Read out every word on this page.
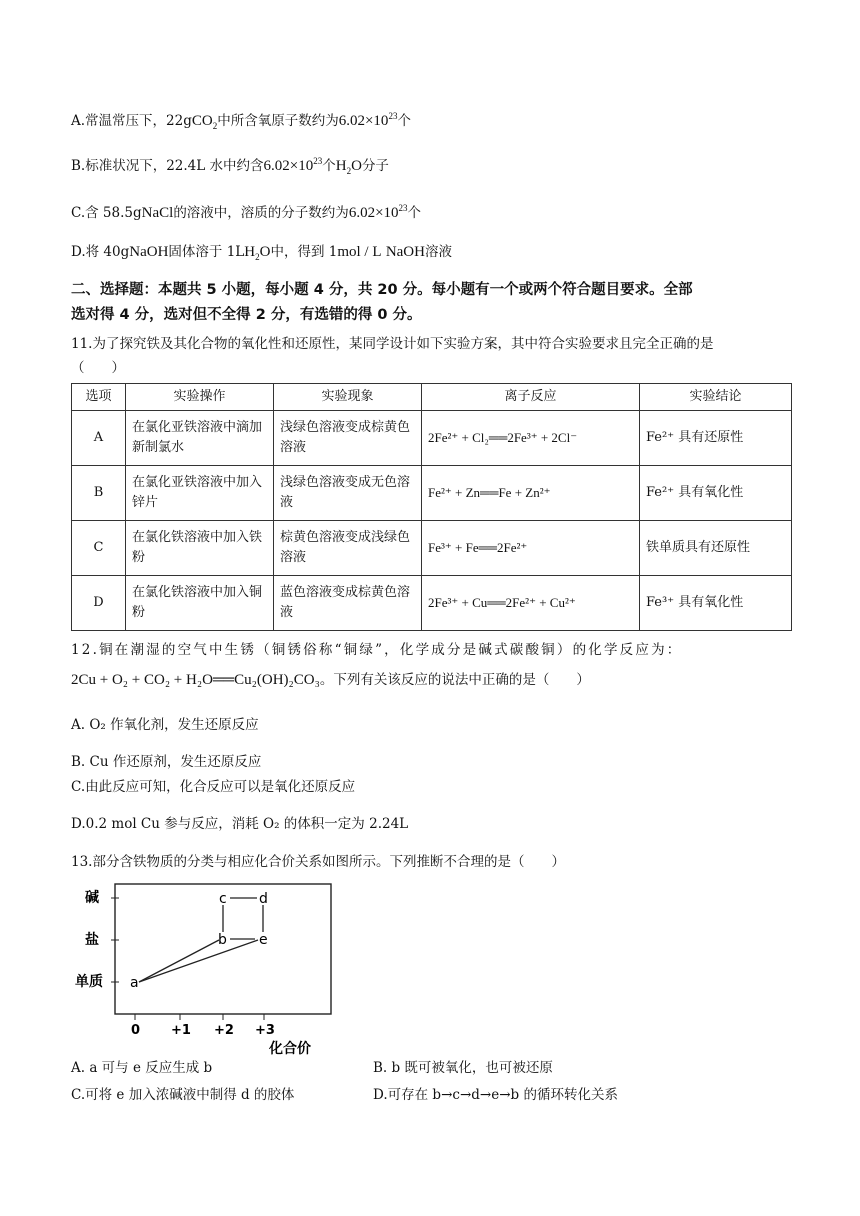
A.常温常压下，22gCO$_2$中所含氧原子数约为$6.02\times 10^{23}$个
B.标准状况下，22.4L 水中约含$6.02\times 10^{23}$个$H_2O$分子
C.含 58.5gNaCl的溶液中，溶质的分子数约为$6.02\times 10^{23}$个
D.将 40gNaOH固体溶于 $1LH_2O$中，得到 1mol / L NaOH溶液
二、选择题：本题共 5 小题，每小题 4 分，共 20 分。每小题有一个或两个符合题目要求。全部
选对得 4 分，选对但不全得 2 分，有选错的得 0 分。
11.为了探究铁及其化合物的氧化性和还原性，某同学设计如下实验方案，其中符合实验要求且完全正确的是
（　　）
选项	实验操作	实验现象	离子反应	实验结论
A	在氯化亚铁溶液中滴加新制氯水	浅绿色溶液变成棕黄色溶液	2Fe²⁺ + Cl₂══2Fe³⁺ + 2Cl⁻	Fe²⁺ 具有还原性
B	在氯化亚铁溶液中加入锌片	浅绿色溶液变成无色溶液	Fe²⁺ + Zn══Fe + Zn²⁺	Fe²⁺ 具有氧化性
C	在氯化铁溶液中加入铁粉	棕黄色溶液变成浅绿色溶液	Fe³⁺ + Fe══2Fe²⁺	铁单质具有还原性
D	在氯化铁溶液中加入铜粉	蓝色溶液变成棕黄色溶液	2Fe³⁺ + Cu══2Fe²⁺ + Cu²⁺	Fe³⁺ 具有氧化性
12.铜在潮湿的空气中生锈（铜锈俗称“铜绿”，化学成分是碱式碳酸铜）的化学反应为：
2Cu + O₂ + CO₂ + H₂O══Cu₂(OH)₂CO₃。下列有关该反应的说法中正确的是（　　）
A. O₂ 作氧化剂，发生还原反应
B. Cu 作还原剂，发生还原反应
C.由此反应可知，化合反应可以是氧化还原反应
D.0.2 mol Cu 参与反应，消耗 O₂ 的体积一定为 2.24L
13.部分含铁物质的分类与相应化合价关系如图所示。下列推断不合理的是（　　）
碱
盐
单质
0 +1 +2 +3
化合价
a
b
c d
e
A. a 可与 e 反应生成 b	B. b 既可被氧化，也可被还原
C.可将 e 加入浓碱液中制得 d 的胶体	D.可存在 b→c→d→e→b 的循环转化关系
